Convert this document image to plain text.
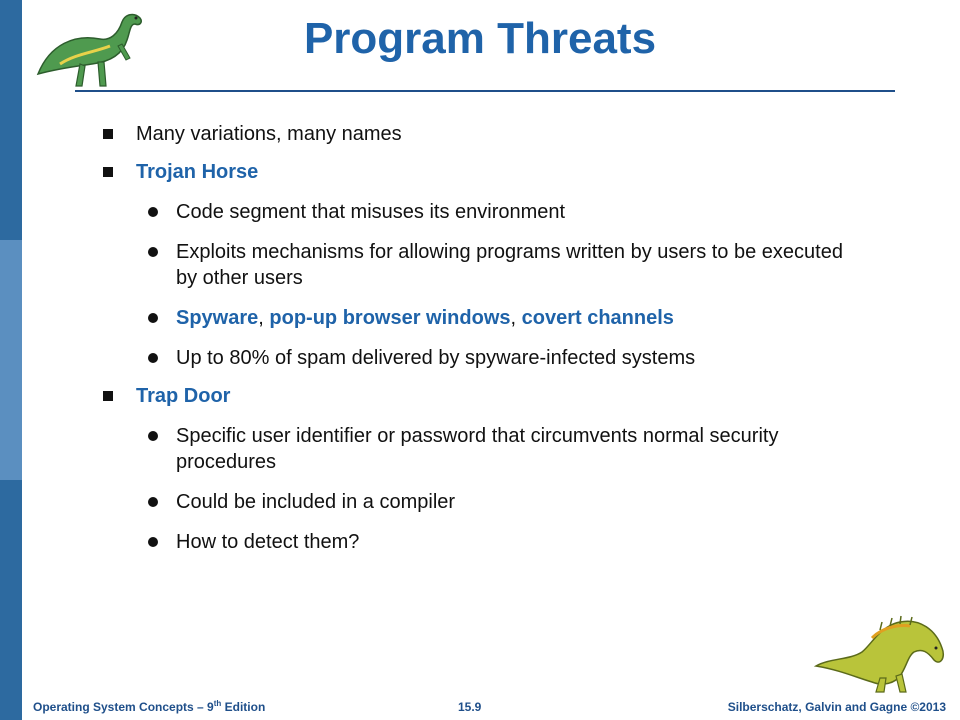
Program Threats
Many variations, many names
Trojan Horse
Code segment that misuses its environment
Exploits mechanisms for allowing programs written by users to be executed by other users
Spyware, pop-up browser windows, covert channels
Up to 80% of spam delivered by spyware-infected systems
Trap Door
Specific user identifier or password that circumvents normal security procedures
Could be included in a compiler
How to detect them?
Operating System Concepts – 9th Edition	15.9	Silberschatz, Galvin and Gagne ©2013
